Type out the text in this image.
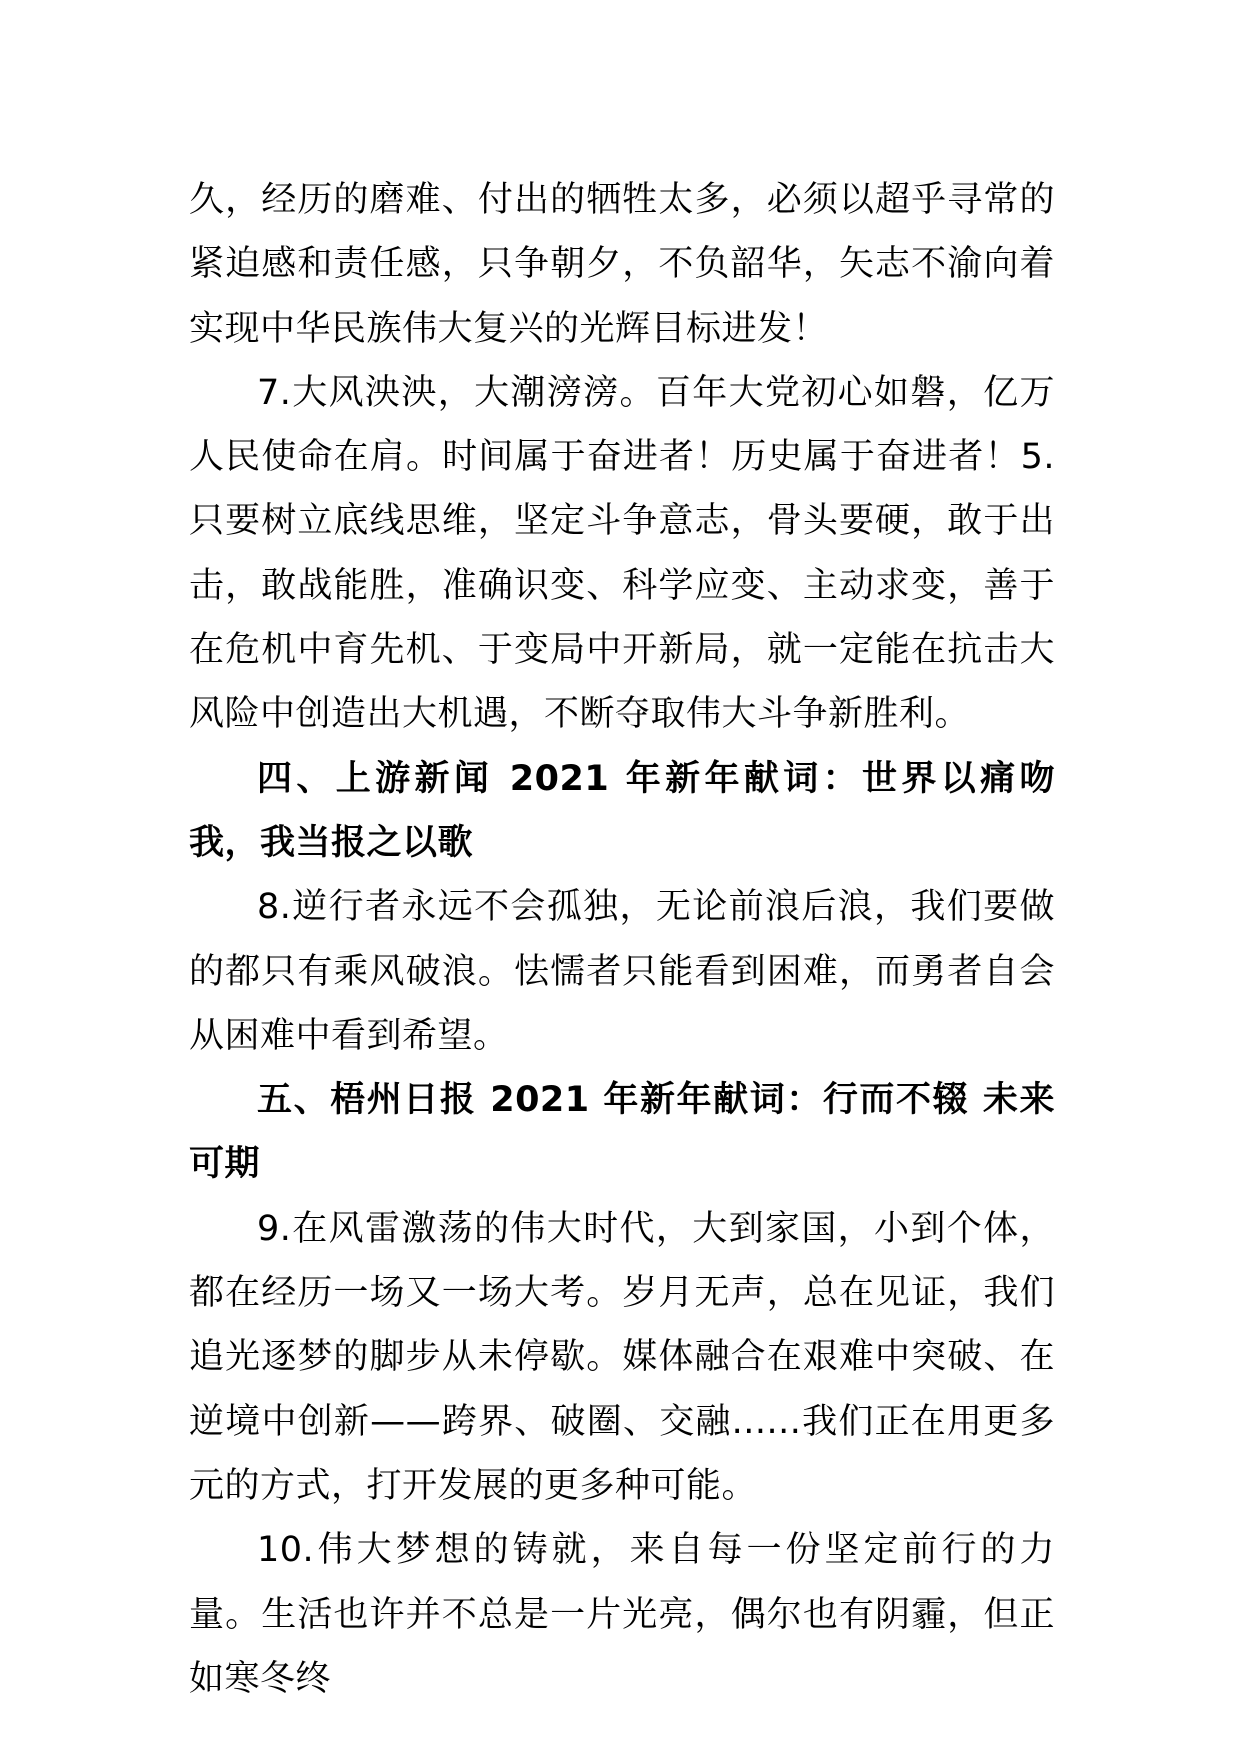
久，经历的磨难、付出的牺牲太多，必须以超乎寻常的紧迫感和责任感，只争朝夕，不负韶华，矢志不渝向着实现中华民族伟大复兴的光辉目标进发！

7.大风泱泱，大潮滂滂。百年大党初心如磐，亿万人民使命在肩。时间属于奋进者！历史属于奋进者！5.只要树立底线思维，坚定斗争意志，骨头要硬，敢于出击，敢战能胜，准确识变、科学应变、主动求变，善于在危机中育先机、于变局中开新局，就一定能在抗击大风险中创造出大机遇，不断夺取伟大斗争新胜利。

四、上游新闻 2021 年新年献词：世界以痛吻我，我当报之以歌

8.逆行者永远不会孤独，无论前浪后浪，我们要做的都只有乘风破浪。怯懦者只能看到困难，而勇者自会从困难中看到希望。

五、梧州日报 2021 年新年献词：行而不辍 未来可期

9.在风雷激荡的伟大时代，大到家国，小到个体，都在经历一场又一场大考。岁月无声，总在见证，我们追光逐梦的脚步从未停歇。媒体融合在艰难中突破、在逆境中创新——跨界、破圈、交融......我们正在用更多元的方式，打开发展的更多种可能。

10.伟大梦想的铸就，来自每一份坚定前行的力量。生活也许并不总是一片光亮，偶尔也有阴霾，但正如寒冬终
